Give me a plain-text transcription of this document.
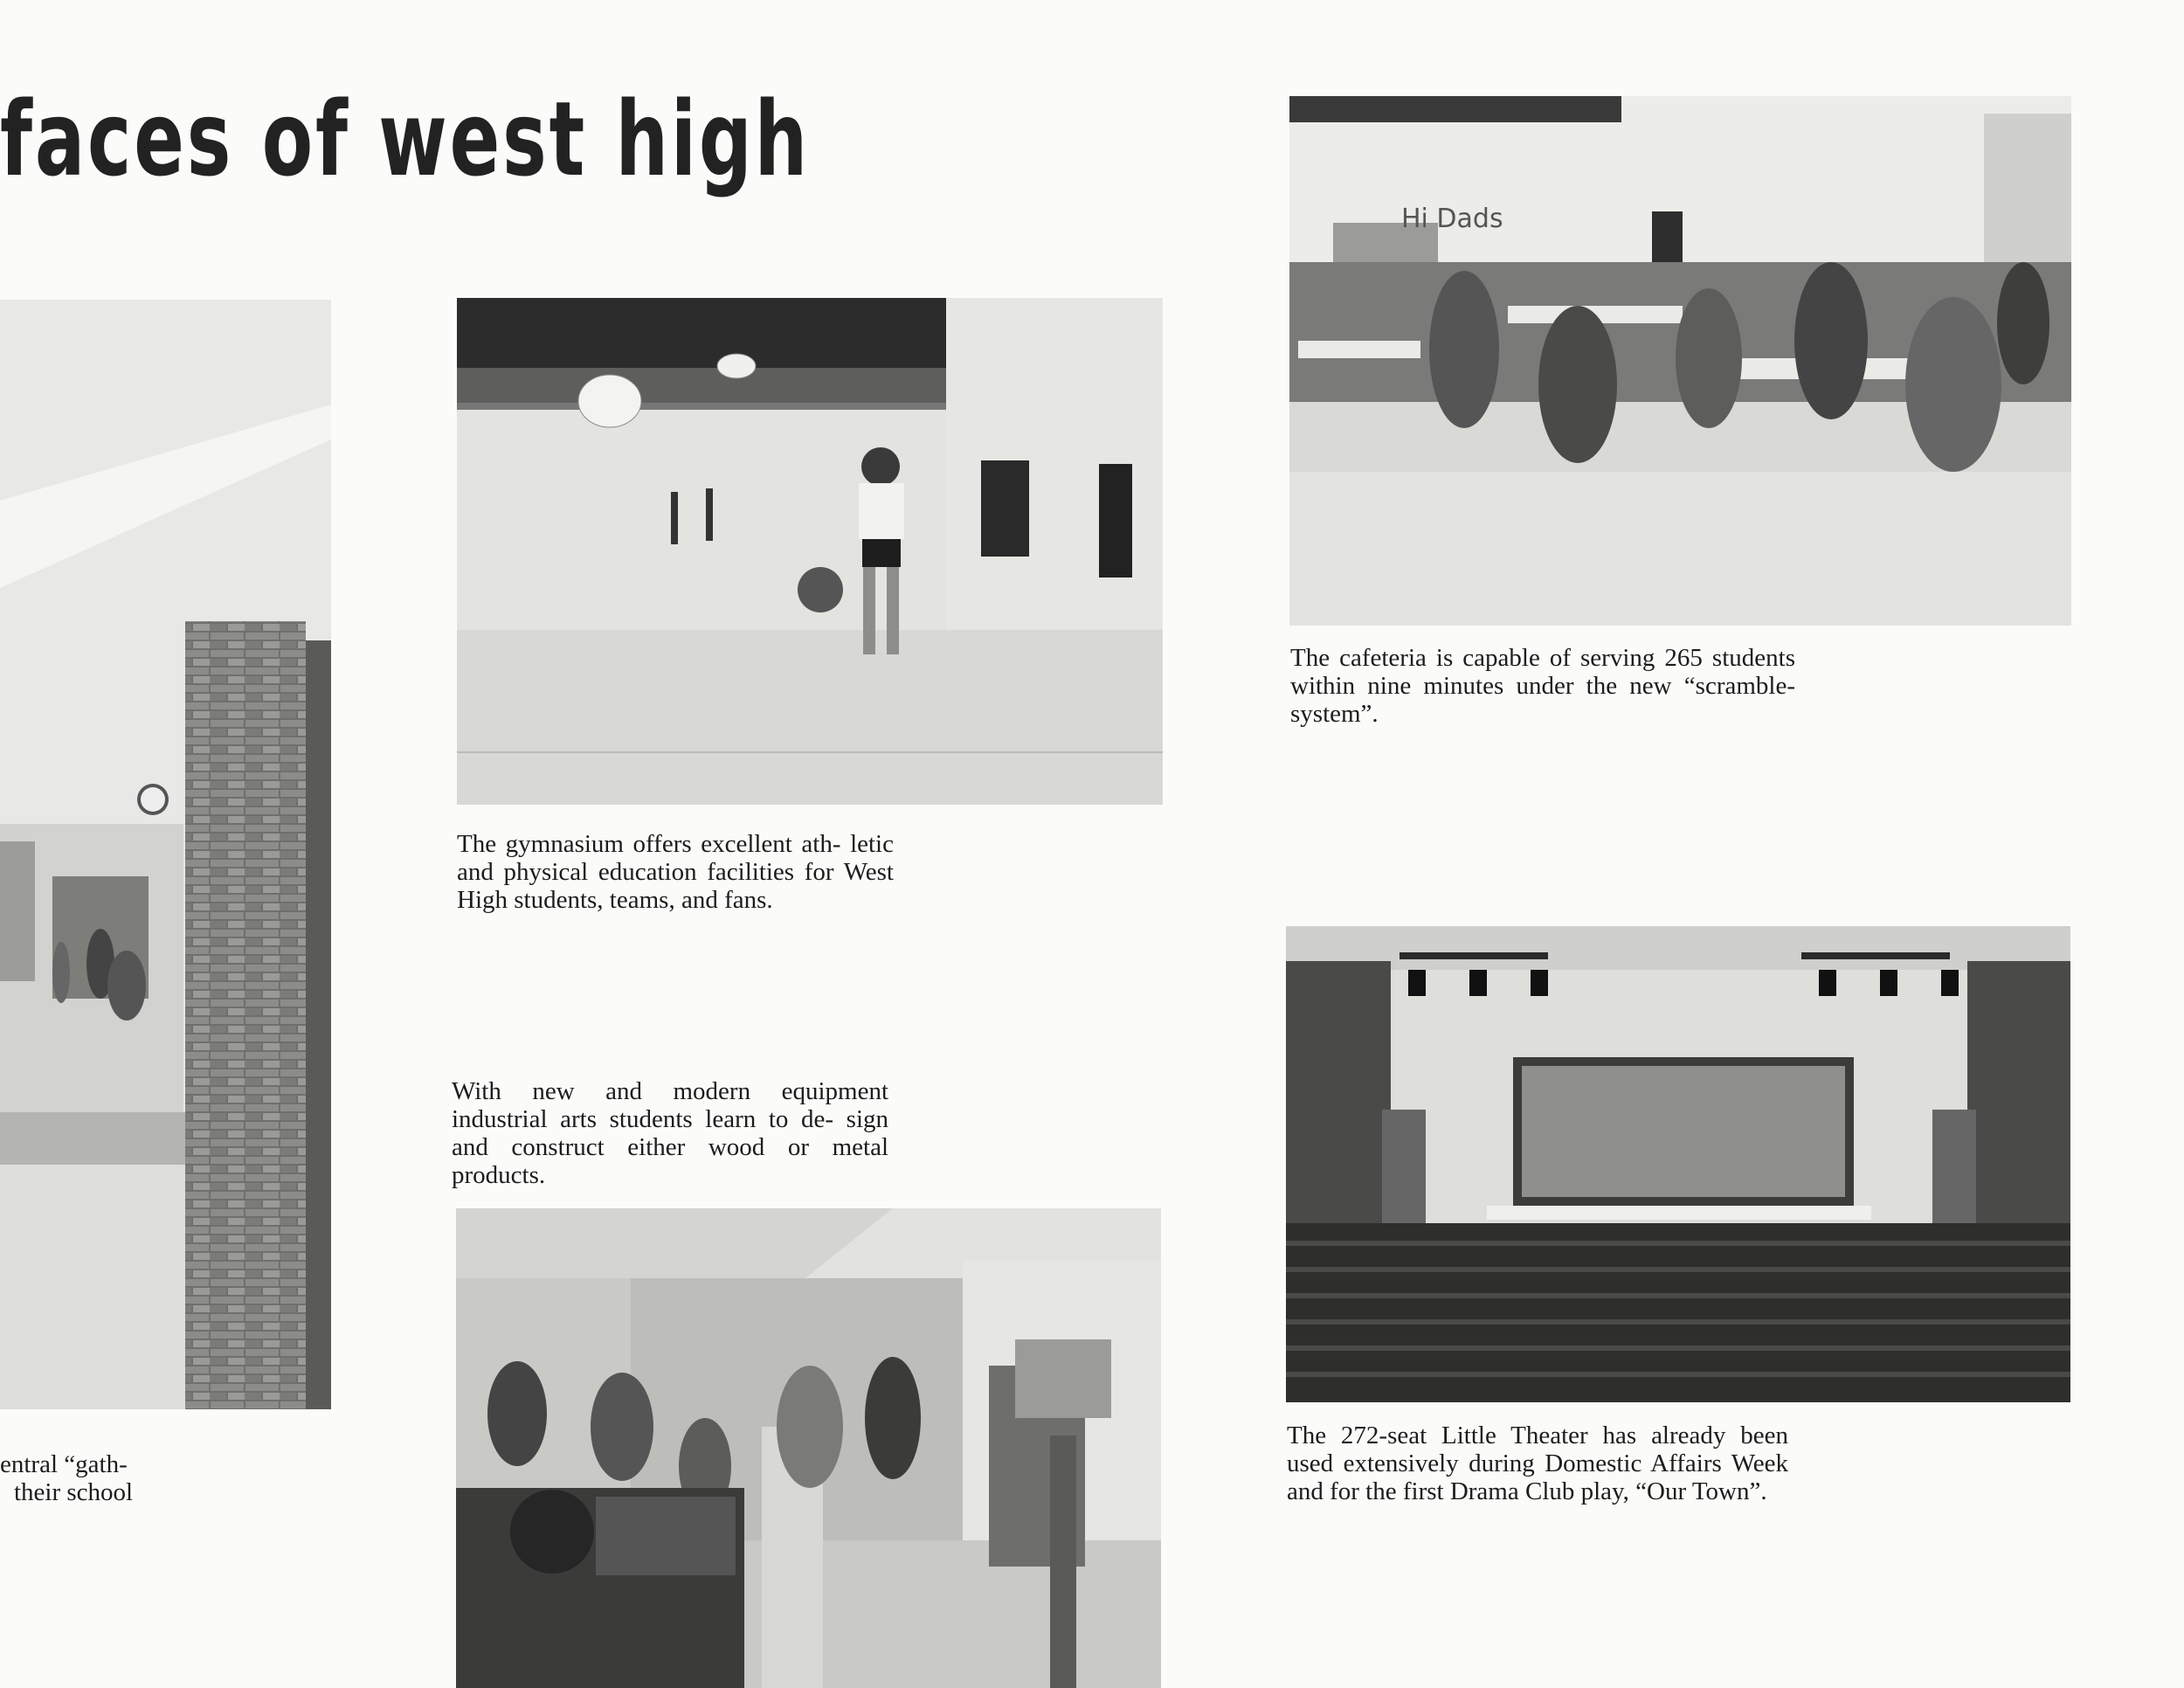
faces of west high
entral “gath-
their school
The gymnasium offers excellent ath- letic and physical education facilities for West High students, teams, and fans.
Hi Dads
The cafeteria is capable of serving 265 students within nine minutes under the new “scramble-system”.
With new and modern equipment industrial arts students learn to de- sign and construct either wood or metal products.
The 272-seat Little Theater has already been used extensively during Domestic Affairs Week and for the first Drama Club play, “Our Town”.
